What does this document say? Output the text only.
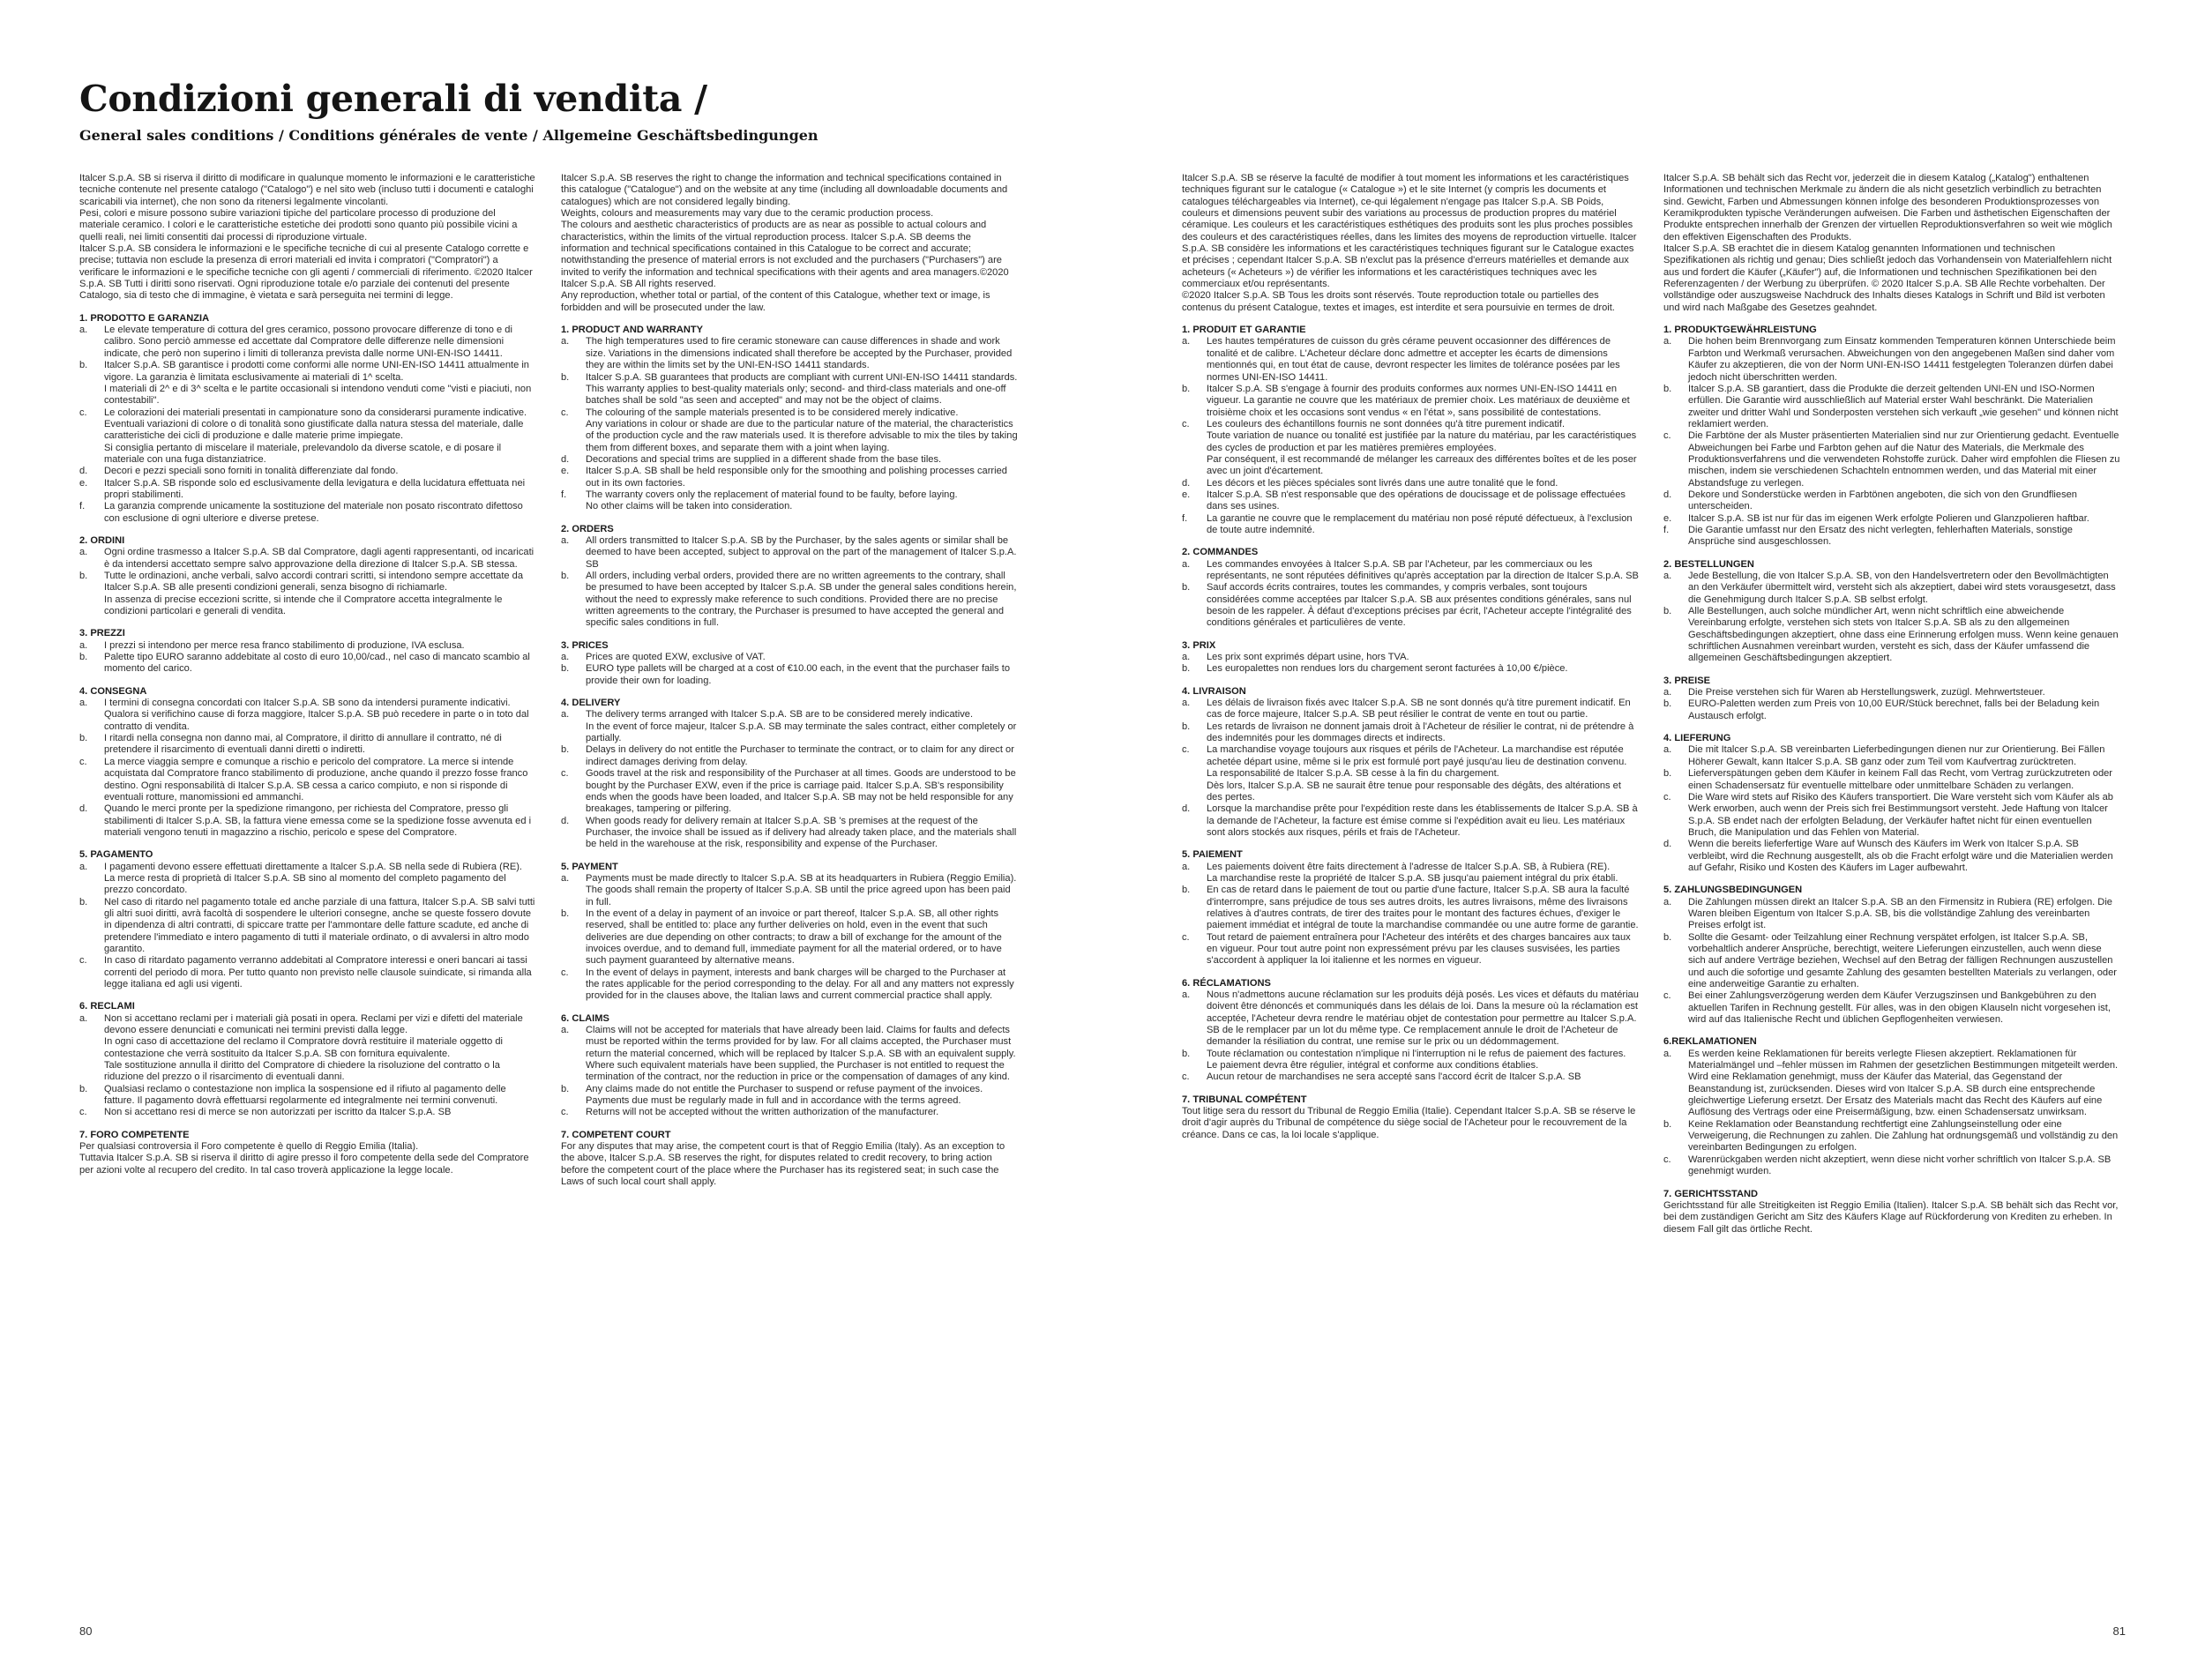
Condizioni generali di vendita /
General sales conditions / Conditions générales de vente / Allgemeine Geschäftsbedingungen

Italcer S.p.A. SB si riserva il diritto di modificare in qualunque momento le informazioni e le caratteristiche tecniche contenute nel presente catalogo ("Catalogo") e nel sito web (incluso tutti i documenti e cataloghi scaricabili via internet), che non sono da ritenersi legalmente vincolanti.
Pesi, colori e misure possono subire variazioni tipiche del particolare processo di produzione del materiale ceramico. I colori e le caratteristiche estetiche dei prodotti sono quanto più possibile vicini a quelli reali, nei limiti consentiti dai processi di riproduzione virtuale.
Italcer S.p.A. SB considera le informazioni e le specifiche tecniche di cui al presente Catalogo corrette e precise; tuttavia non esclude la presenza di errori materiali ed invita i compratori ("Compratori") a verificare le informazioni e le specifiche tecniche con gli agenti / commerciali di riferimento. ©2020 Italcer S.p.A. SB Tutti i diritti sono riservati. Ogni riproduzione totale e/o parziale dei contenuti del presente Catalogo, sia di testo che di immagine, è vietata e sarà perseguita nei termini di legge.

1. PRODOTTO E GARANZIA

a. Le elevate temperature di cottura del gres ceramico, possono provocare differenze di tono e di calibro. Sono perciò ammesse ed accettate dal Compratore delle differenze nelle dimensioni indicate, che però non superino i limiti di tolleranza prevista dalle norme UNI-EN-ISO 14411.
b. Italcer S.p.A. SB garantisce i prodotti come conformi alle norme UNI-EN-ISO 14411 attualmente in vigore. La garanzia è limitata esclusivamente ai materiali di 1^ scelta.
I materiali di 2^ e di 3^ scelta e le partite occasionali si intendono venduti come "visti e piaciuti, non contestabili".
c. Le colorazioni dei materiali presentati in campionature sono da considerarsi puramente indicative. Eventuali variazioni di colore o di tonalità sono giustificate dalla natura stessa del materiale, dalle caratteristiche dei cicli di produzione e dalle materie prime impiegate.
Si consiglia pertanto di miscelare il materiale, prelevandolo da diverse scatole, e di posare il materiale con una fuga distanziatrice.
d. Decori e pezzi speciali sono forniti in tonalità differenziate dal fondo.
e. Italcer S.p.A. SB risponde solo ed esclusivamente della levigatura e della lucidatura effettuata nei propri stabilimenti.
f. La garanzia comprende unicamente la sostituzione del materiale non posato riscontrato difettoso con esclusione di ogni ulteriore e diverse pretese.

2. ORDINI

a. Ogni ordine trasmesso a Italcer S.p.A. SB dal Compratore, dagli agenti rappresentanti, od incaricati è da intendersi accettato sempre salvo approvazione della direzione di Italcer S.p.A. SB stessa.
b. Tutte le ordinazioni, anche verbali, salvo accordi contrari scritti, si intendono sempre accettate da Italcer S.p.A. SB alle presenti condizioni generali, senza bisogno di richiamarle.
In assenza di precise eccezioni scritte, si intende che il Compratore accetta integralmente le condizioni particolari e generali di vendita.

3. PREZZI

a. I prezzi si intendono per merce resa franco stabilimento di produzione, IVA esclusa.
b. Palette tipo EURO saranno addebitate al costo di euro 10,00/cad., nel caso di mancato scambio al momento del carico.

4. CONSEGNA

a. I termini di consegna concordati con Italcer S.p.A. SB sono da intendersi puramente indicativi. Qualora si verifichino cause di forza maggiore, Italcer S.p.A. SB può recedere in parte o in toto dal contratto di vendita.
b. I ritardi nella consegna non danno mai, al Compratore, il diritto di annullare il contratto, né di pretendere il risarcimento di eventuali danni diretti o indiretti.
c. La merce viaggia sempre e comunque a rischio e pericolo del compratore. La merce si intende acquistata dal Compratore franco stabilimento di produzione, anche quando il prezzo fosse franco destino. Ogni responsabilità di Italcer S.p.A. SB cessa a carico compiuto, e non si risponde di eventuali rotture, manomissioni ed ammanchi.
d. Quando le merci pronte per la spedizione rimangono, per richiesta del Compratore, presso gli stabilimenti di Italcer S.p.A. SB, la fattura viene emessa come se la spedizione fosse avvenuta ed i materiali vengono tenuti in magazzino a rischio, pericolo e spese del Compratore.

5. PAGAMENTO

a. I pagamenti devono essere effettuati direttamente a Italcer S.p.A. SB nella sede di Rubiera (RE).
La merce resta di proprietà di Italcer S.p.A. SB sino al momento del completo pagamento del prezzo concordato.
b. Nel caso di ritardo nel pagamento totale ed anche parziale di una fattura, Italcer S.p.A. SB salvi tutti gli altri suoi diritti, avrà facoltà di sospendere le ulteriori consegne, anche se queste fossero dovute in dipendenza di altri contratti, di spiccare tratte per l'ammontare delle fatture scadute, ed anche di pretendere l'immediato e intero pagamento di tutti il materiale ordinato, o di avvalersi in altro modo garantito.
c. In caso di ritardato pagamento verranno addebitati al Compratore interessi e oneri bancari ai tassi correnti del periodo di mora. Per tutto quanto non previsto nelle clausole suindicate, si rimanda alla legge italiana ed agli usi vigenti.

6. RECLAMI

a. Non si accettano reclami per i materiali già posati in opera. Reclami per vizi e difetti del materiale devono essere denunciati e comunicati nei termini previsti dalla legge.
In ogni caso di accettazione del reclamo il Compratore dovrà restituire il materiale oggetto di contestazione che verrà sostituito da Italcer S.p.A. SB con fornitura equivalente.
Tale sostituzione annulla il diritto del Compratore di chiedere la risoluzione del contratto o la riduzione del prezzo o il risarcimento di eventuali danni.
b. Qualsiasi reclamo o contestazione non implica la sospensione ed il rifiuto al pagamento delle fatture. Il pagamento dovrà effettuarsi regolarmente ed integralmente nei termini convenuti.
c. Non si accettano resi di merce se non autorizzati per iscritto da Italcer S.p.A. SB

7. FORO COMPETENTE

Per qualsiasi controversia il Foro competente è quello di Reggio Emilia (Italia).
Tuttavia Italcer S.p.A. SB si riserva il diritto di agire presso il foro competente della sede del Compratore per azioni volte al recupero del credito. In tal caso troverà applicazione la legge locale.

Italcer S.p.A. SB reserves the right to change the information and technical specifications contained in this catalogue ("Catalogue") and on the website at any time (including all downloadable documents and catalogues) which are not considered legally binding.
Weights, colours and measurements may vary due to the ceramic production process.
The colours and aesthetic characteristics of products are as near as possible to actual colours and characteristics, within the limits of the virtual reproduction process. Italcer S.p.A. SB deems the information and technical specifications contained in this Catalogue to be correct and accurate; notwithstanding the presence of material errors is not excluded and the purchasers ("Purchasers") are invited to verify the information and technical specifications with their agents and area managers.©2020 Italcer S.p.A. SB All rights reserved.
Any reproduction, whether total or partial, of the content of this Catalogue, whether text or image, is forbidden and will be prosecuted under the law.

1. PRODUCT AND WARRANTY

a. The high temperatures used to fire ceramic stoneware can cause differences in shade and work size. Variations in the dimensions indicated shall therefore be accepted by the Purchaser, provided they are within the limits set by the UNI-EN-ISO 14411 standards.
b. Italcer S.p.A. SB guarantees that products are compliant with current UNI-EN-ISO 14411 standards. This warranty applies to best-quality materials only; second- and third-class materials and one-off batches shall be sold "as seen and accepted" and may not be the object of claims.
c. The colouring of the sample materials presented is to be considered merely indicative.
Any variations in colour or shade are due to the particular nature of the material, the characteristics of the production cycle and the raw materials used. It is therefore advisable to mix the tiles by taking them from different boxes, and separate them with a joint when laying.
d. Decorations and special trims are supplied in a different shade from the base tiles.
e. Italcer S.p.A. SB shall be held responsible only for the smoothing and polishing processes carried out in its own factories.
f. The warranty covers only the replacement of material found to be faulty, before laying.
No other claims will be taken into consideration.

2. ORDERS

a. All orders transmitted to Italcer S.p.A. SB by the Purchaser, by the sales agents or similar shall be deemed to have been accepted, subject to approval on the part of the management of Italcer S.p.A. SB
b. All orders, including verbal orders, provided there are no written agreements to the contrary, shall be presumed to have been accepted by Italcer S.p.A. SB under the general sales conditions herein, without the need to expressly make reference to such conditions. Provided there are no precise written agreements to the contrary, the Purchaser is presumed to have accepted the general and specific sales conditions in full.

3. PRICES

a. Prices are quoted EXW, exclusive of VAT.
b. EURO type pallets will be charged at a cost of €10.00 each, in the event that the purchaser fails to provide their own for loading.

4. DELIVERY

a. The delivery terms arranged with Italcer S.p.A. SB are to be considered merely indicative.
In the event of force majeur, Italcer S.p.A. SB may terminate the sales contract, either completely or partially.
b. Delays in delivery do not entitle the Purchaser to terminate the contract, or to claim for any direct or indirect damages deriving from delay.
c. Goods travel at the risk and responsibility of the Purchaser at all times. Goods are understood to be bought by the Purchaser EXW, even if the price is carriage paid. Italcer S.p.A. SB's responsibility ends when the goods have been loaded, and Italcer S.p.A. SB may not be held responsible for any breakages, tampering or pilfering.
d. When goods ready for delivery remain at Italcer S.p.A. SB 's premises at the request of the Purchaser, the invoice shall be issued as if delivery had already taken place, and the materials shall be held in the warehouse at the risk, responsibility and expense of the Purchaser.

5. PAYMENT

a. Payments must be made directly to Italcer S.p.A. SB at its headquarters in Rubiera (Reggio Emilia). The goods shall remain the property of Italcer S.p.A. SB until the price agreed upon has been paid in full.
b. In the event of a delay in payment of an invoice or part thereof, Italcer S.p.A. SB, all other rights reserved, shall be entitled to: place any further deliveries on hold, even in the event that such deliveries are due depending on other contracts; to draw a bill of exchange for the amount of the invoices overdue, and to demand full, immediate payment for all the material ordered, or to have such payment guaranteed by alternative means.
c. In the event of delays in payment, interests and bank charges will be charged to the Purchaser at the rates applicable for the period corresponding to the delay. For all and any matters not expressly provided for in the clauses above, the Italian laws and current commercial practice shall apply.

6. CLAIMS

a. Claims will not be accepted for materials that have already been laid. Claims for faults and defects must be reported within the terms provided for by law. For all claims accepted, the Purchaser must return the material concerned, which will be replaced by Italcer S.p.A. SB with an equivalent supply. Where such equivalent materials have been supplied, the Purchaser is not entitled to request the termination of the contract, nor the reduction in price or the compensation of damages of any kind.
b. Any claims made do not entitle the Purchaser to suspend or refuse payment of the invoices. Payments due must be regularly made in full and in accordance with the terms agreed.
c. Returns will not be accepted without the written authorization of the manufacturer.

7. COMPETENT COURT

For any disputes that may arise, the competent court is that of Reggio Emilia (Italy). As an exception to the above, Italcer S.p.A. SB reserves the right, for disputes related to credit recovery, to bring action before the competent court of the place where the Purchaser has its registered seat; in such case the Laws of such local court shall apply.

80

Italcer S.p.A. SB se réserve la faculté de modifier à tout moment les informations et les caractéristiques techniques figurant sur le catalogue (« Catalogue ») et le site Internet (y compris les documents et catalogues téléchargeables via Internet), ce-qui légalement n'engage pas Italcer S.p.A. SB Poids, couleurs et dimensions peuvent subir des variations au processus de production propres du matériel céramique. Les couleurs et les caractéristiques esthétiques des produits sont les plus proches possibles des couleurs et des caractéristiques réelles, dans les limites des moyens de reproduction virtuelle. Italcer S.p.A. SB considère les informations et les caractéristiques techniques figurant sur le Catalogue exactes et précises ; cependant Italcer S.p.A. SB n'exclut pas la présence d'erreurs matérielles et demande aux acheteurs (« Acheteurs ») de vérifier les informations et les caractéristiques techniques avec les commerciaux et/ou représentants.
©2020 Italcer S.p.A. SB Tous les droits sont réservés. Toute reproduction totale ou partielles des contenus du présent Catalogue, textes et images, est interdite et sera poursuivie en termes de droit.

1. PRODUIT ET GARANTIE

a. Les hautes températures de cuisson du grès cérame peuvent occasionner des différences de tonalité et de calibre. L'Acheteur déclare donc admettre et accepter les écarts de dimensions mentionnés qui, en tout état de cause, devront respecter les limites de tolérance posées par les normes UNI-EN-ISO 14411.
b. Italcer S.p.A. SB s'engage à fournir des produits conformes aux normes UNI-EN-ISO 14411 en vigueur. La garantie ne couvre que les matériaux de premier choix. Les matériaux de deuxième et troisième choix et les occasions sont vendus « en l'état », sans possibilité de contestations.
c. Les couleurs des échantillons fournis ne sont données qu'à titre purement indicatif.
Toute variation de nuance ou tonalité est justifiée par la nature du matériau, par les caractéristiques des cycles de production et par les matières premières employées.
Par conséquent, il est recommandé de mélanger les carreaux des différentes boîtes et de les poser avec un joint d'écartement.
d. Les décors et les pièces spéciales sont livrés dans une autre tonalité que le fond.
e. Italcer S.p.A. SB n'est responsable que des opérations de doucissage et de polissage effectuées dans ses usines.
f. La garantie ne couvre que le remplacement du matériau non posé réputé défectueux, à l'exclusion de toute autre indemnité.

2. COMMANDES

a. Les commandes envoyées à Italcer S.p.A. SB par l'Acheteur, par les commerciaux ou les représentants, ne sont réputées définitives qu'après acceptation par la direction de Italcer S.p.A. SB
b. Sauf accords écrits contraires, toutes les commandes, y compris verbales, sont toujours considérées comme acceptées par Italcer S.p.A. SB aux présentes conditions générales, sans nul besoin de les rappeler. À défaut d'exceptions précises par écrit, l'Acheteur accepte l'intégralité des conditions générales et particulières de vente.

3. PRIX

a. Les prix sont exprimés départ usine, hors TVA.
b. Les europalettes non rendues lors du chargement seront facturées à 10,00 €/pièce.

4. LIVRAISON

a. Les délais de livraison fixés avec Italcer S.p.A. SB ne sont donnés qu'à titre purement indicatif. En cas de force majeure, Italcer S.p.A. SB peut résilier le contrat de vente en tout ou partie.
b. Les retards de livraison ne donnent jamais droit à l'Acheteur de résilier le contrat, ni de prétendre à des indemnités pour les dommages directs et indirects.
c. La marchandise voyage toujours aux risques et périls de l'Acheteur. La marchandise est réputée achetée départ usine, même si le prix est formulé port payé jusqu'au lieu de destination convenu. La responsabilité de Italcer S.p.A. SB cesse à la fin du chargement.
Dès lors, Italcer S.p.A. SB ne saurait être tenue pour responsable des dégâts, des altérations et des pertes.
d. Lorsque la marchandise prête pour l'expédition reste dans les établissements de Italcer S.p.A. SB à la demande de l'Acheteur, la facture est émise comme si l'expédition avait eu lieu. Les matériaux sont alors stockés aux risques, périls et frais de l'Acheteur.

5. PAIEMENT

a. Les paiements doivent être faits directement à l'adresse de Italcer S.p.A. SB, à Rubiera (RE).
La marchandise reste la propriété de Italcer S.p.A. SB jusqu'au paiement intégral du prix établi.
b. En cas de retard dans le paiement de tout ou partie d'une facture, Italcer S.p.A. SB aura la faculté d'interrompre, sans préjudice de tous ses autres droits, les autres livraisons, même des livraisons relatives à d'autres contrats, de tirer des traites pour le montant des factures échues, d'exiger le paiement immédiat et intégral de toute la marchandise commandée ou une autre forme de garantie.
c. Tout retard de paiement entraînera pour l'Acheteur des intérêts et des charges bancaires aux taux en vigueur. Pour tout autre point non expressément prévu par les clauses susvisées, les parties s'accordent à appliquer la loi italienne et les normes en vigueur.

6. RÉCLAMATIONS

a. Nous n'admettons aucune réclamation sur les produits déjà posés. Les vices et défauts du matériau doivent être dénoncés et communiqués dans les délais de loi. Dans la mesure où la réclamation est acceptée, l'Acheteur devra rendre le matériau objet de contestation pour permettre au Italcer S.p.A. SB de le remplacer par un lot du même type. Ce remplacement annule le droit de l'Acheteur de demander la résiliation du contrat, une remise sur le prix ou un dédommagement.
b. Toute réclamation ou contestation n'implique ni l'interruption ni le refus de paiement des factures. Le paiement devra être régulier, intégral et conforme aux conditions établies.
c. Aucun retour de marchandises ne sera accepté sans l'accord écrit de Italcer S.p.A. SB

7. TRIBUNAL COMPÉTENT

Tout litige sera du ressort du Tribunal de Reggio Emilia (Italie). Cependant Italcer S.p.A. SB se réserve le droit d'agir auprès du Tribunal de compétence du siège social de l'Acheteur pour le recouvrement de la créance. Dans ce cas, la loi locale s'applique.

Italcer S.p.A. SB behält sich das Recht vor, jederzeit die in diesem Katalog („Katalog") enthaltenen Informationen und technischen Merkmale zu ändern die als nicht gesetzlich verbindlich zu betrachten sind. Gewicht, Farben und Abmessungen können infolge des besonderen Produktionsprozesses von Keramikprodukten typische Veränderungen aufweisen. Die Farben und ästhetischen Eigenschaften der Produkte entsprechen innerhalb der Grenzen der virtuellen Reproduktionsverfahren so weit wie möglich den effektiven Eigenschaften des Produkts.
Italcer S.p.A. SB erachtet die in diesem Katalog genannten Informationen und technischen Spezifikationen als richtig und genau; Dies schließt jedoch das Vorhandensein von Materialfehlern nicht aus und fordert die Käufer („Käufer") auf, die Informationen und technischen Spezifikationen bei den Referenzagenten / der Werbung zu überprüfen. © 2020 Italcer S.p.A. SB Alle Rechte vorbehalten. Der vollständige oder auszugsweise Nachdruck des Inhalts dieses Katalogs in Schrift und Bild ist verboten und wird nach Maßgabe des Gesetzes geahndet.

1. PRODUKTGEWÄHRLEISTUNG

a. Die hohen beim Brennvorgang zum Einsatz kommenden Temperaturen können Unterschiede beim Farbton und Werkmaß verursachen. Abweichungen von den angegebenen Maßen sind daher vom Käufer zu akzeptieren, die von der Norm UNI-EN-ISO 14411 festgelegten Toleranzen dürfen dabei jedoch nicht überschritten werden.
b. Italcer S.p.A. SB garantiert, dass die Produkte die derzeit geltenden UNI-EN und ISO-Normen erfüllen. Die Garantie wird ausschließlich auf Material erster Wahl beschränkt. Die Materialien zweiter und dritter Wahl und Sonderposten verstehen sich verkauft „wie gesehen" und können nicht reklamiert werden.
c. Die Farbtöne der als Muster präsentierten Materialien sind nur zur Orientierung gedacht. Eventuelle Abweichungen bei Farbe und Farbton gehen auf die Natur des Materials, die Merkmale des Produktionsverfahrens und die verwendeten Rohstoffe zurück. Daher wird empfohlen die Fliesen zu mischen, indem sie verschiedenen Schachteln entnommen werden, und das Material mit einer Abstandsfuge zu verlegen.
d. Dekore und Sonderstücke werden in Farbtönen angeboten, die sich von den Grundfliesen unterscheiden.
e. Italcer S.p.A. SB ist nur für das im eigenen Werk erfolgte Polieren und Glanzpolieren haftbar.
f. Die Garantie umfasst nur den Ersatz des nicht verlegten, fehlerhaften Materials, sonstige Ansprüche sind ausgeschlossen.

2. BESTELLUNGEN

a. Jede Bestellung, die von Italcer S.p.A. SB, von den Handelsvertretern oder den Bevollmächtigten an den Verkäufer übermittelt wird, versteht sich als akzeptiert, dabei wird stets vorausgesetzt, dass die Genehmigung durch Italcer S.p.A. SB selbst erfolgt.
b. Alle Bestellungen, auch solche mündlicher Art, wenn nicht schriftlich eine abweichende Vereinbarung erfolgte, verstehen sich stets von Italcer S.p.A. SB als zu den allgemeinen Geschäftsbedingungen akzeptiert, ohne dass eine Erinnerung erfolgen muss. Wenn keine genauen schriftlichen Ausnahmen vereinbart wurden, versteht es sich, dass der Käufer umfassend die allgemeinen Geschäftsbedingungen akzeptiert.

3. PREISE

a. Die Preise verstehen sich für Waren ab Herstellungswerk, zuzügl. Mehrwertsteuer.
b. EURO-Paletten werden zum Preis von 10,00 EUR/Stück berechnet, falls bei der Beladung kein Austausch erfolgt.

4. LIEFERUNG

a. Die mit Italcer S.p.A. SB vereinbarten Lieferbedingungen dienen nur zur Orientierung. Bei Fällen Höherer Gewalt, kann Italcer S.p.A. SB ganz oder zum Teil vom Kaufvertrag zurücktreten.
b. Lieferverspätungen geben dem Käufer in keinem Fall das Recht, vom Vertrag zurückzutreten oder einen Schadensersatz für eventuelle mittelbare oder unmittelbare Schäden zu verlangen.
c. Die Ware wird stets auf Risiko des Käufers transportiert. Die Ware versteht sich vom Käufer als ab Werk erworben, auch wenn der Preis sich frei Bestimmungsort versteht. Jede Haftung von Italcer S.p.A. SB endet nach der erfolgten Beladung, der Verkäufer haftet nicht für einen eventuellen Bruch, die Manipulation und das Fehlen von Material.
d. Wenn die bereits lieferfertige Ware auf Wunsch des Käufers im Werk von Italcer S.p.A. SB verbleibt, wird die Rechnung ausgestellt, als ob die Fracht erfolgt wäre und die Materialien werden auf Gefahr, Risiko und Kosten des Käufers im Lager aufbewahrt.

5. ZAHLUNGSBEDINGUNGEN

a. Die Zahlungen müssen direkt an Italcer S.p.A. SB an den Firmensitz in Rubiera (RE) erfolgen. Die Waren bleiben Eigentum von Italcer S.p.A. SB, bis die vollständige Zahlung des vereinbarten Preises erfolgt ist.
b. Sollte die Gesamt- oder Teilzahlung einer Rechnung verspätet erfolgen, ist Italcer S.p.A. SB, vorbehaltlich anderer Ansprüche, berechtigt, weitere Lieferungen einzustellen, auch wenn diese sich auf andere Verträge beziehen, Wechsel auf den Betrag der fälligen Rechnungen auszustellen und auch die sofortige und gesamte Zahlung des gesamten bestellten Materials zu verlangen, oder eine anderweitige Garantie zu erhalten.
c. Bei einer Zahlungsverzögerung werden dem Käufer Verzugszinsen und Bankgebühren zu den aktuellen Tarifen in Rechnung gestellt. Für alles, was in den obigen Klauseln nicht vorgesehen ist, wird auf das Italienische Recht und üblichen Gepflogenheiten verwiesen.

6.REKLAMATIONEN

a. Es werden keine Reklamationen für bereits verlegte Fliesen akzeptiert. Reklamationen für Materialmängel und –fehler müssen im Rahmen der gesetzlichen Bestimmungen mitgeteilt werden. Wird eine Reklamation genehmigt, muss der Käufer das Material, das Gegenstand der Beanstandung ist, zurücksenden. Dieses wird von Italcer S.p.A. SB durch eine entsprechende gleichwertige Lieferung ersetzt. Der Ersatz des Materials macht das Recht des Käufers auf eine Auflösung des Vertrags oder eine Preisermäßigung, bzw. einen Schadensersatz unwirksam.
b. Keine Reklamation oder Beanstandung rechtfertigt eine Zahlungseinstellung oder eine Verweigerung, die Rechnungen zu zahlen. Die Zahlung hat ordnungsgemäß und vollständig zu den vereinbarten Bedingungen zu erfolgen.
c. Warenrückgaben werden nicht akzeptiert, wenn diese nicht vorher schriftlich von Italcer S.p.A. SB genehmigt wurden.

7. GERICHTSSTAND

Gerichtsstand für alle Streitigkeiten ist Reggio Emilia (Italien). Italcer S.p.A. SB behält sich das Recht vor, bei dem zuständigen Gericht am Sitz des Käufers Klage auf Rückforderung von Krediten zu erheben. In diesem Fall gilt das örtliche Recht.

81
